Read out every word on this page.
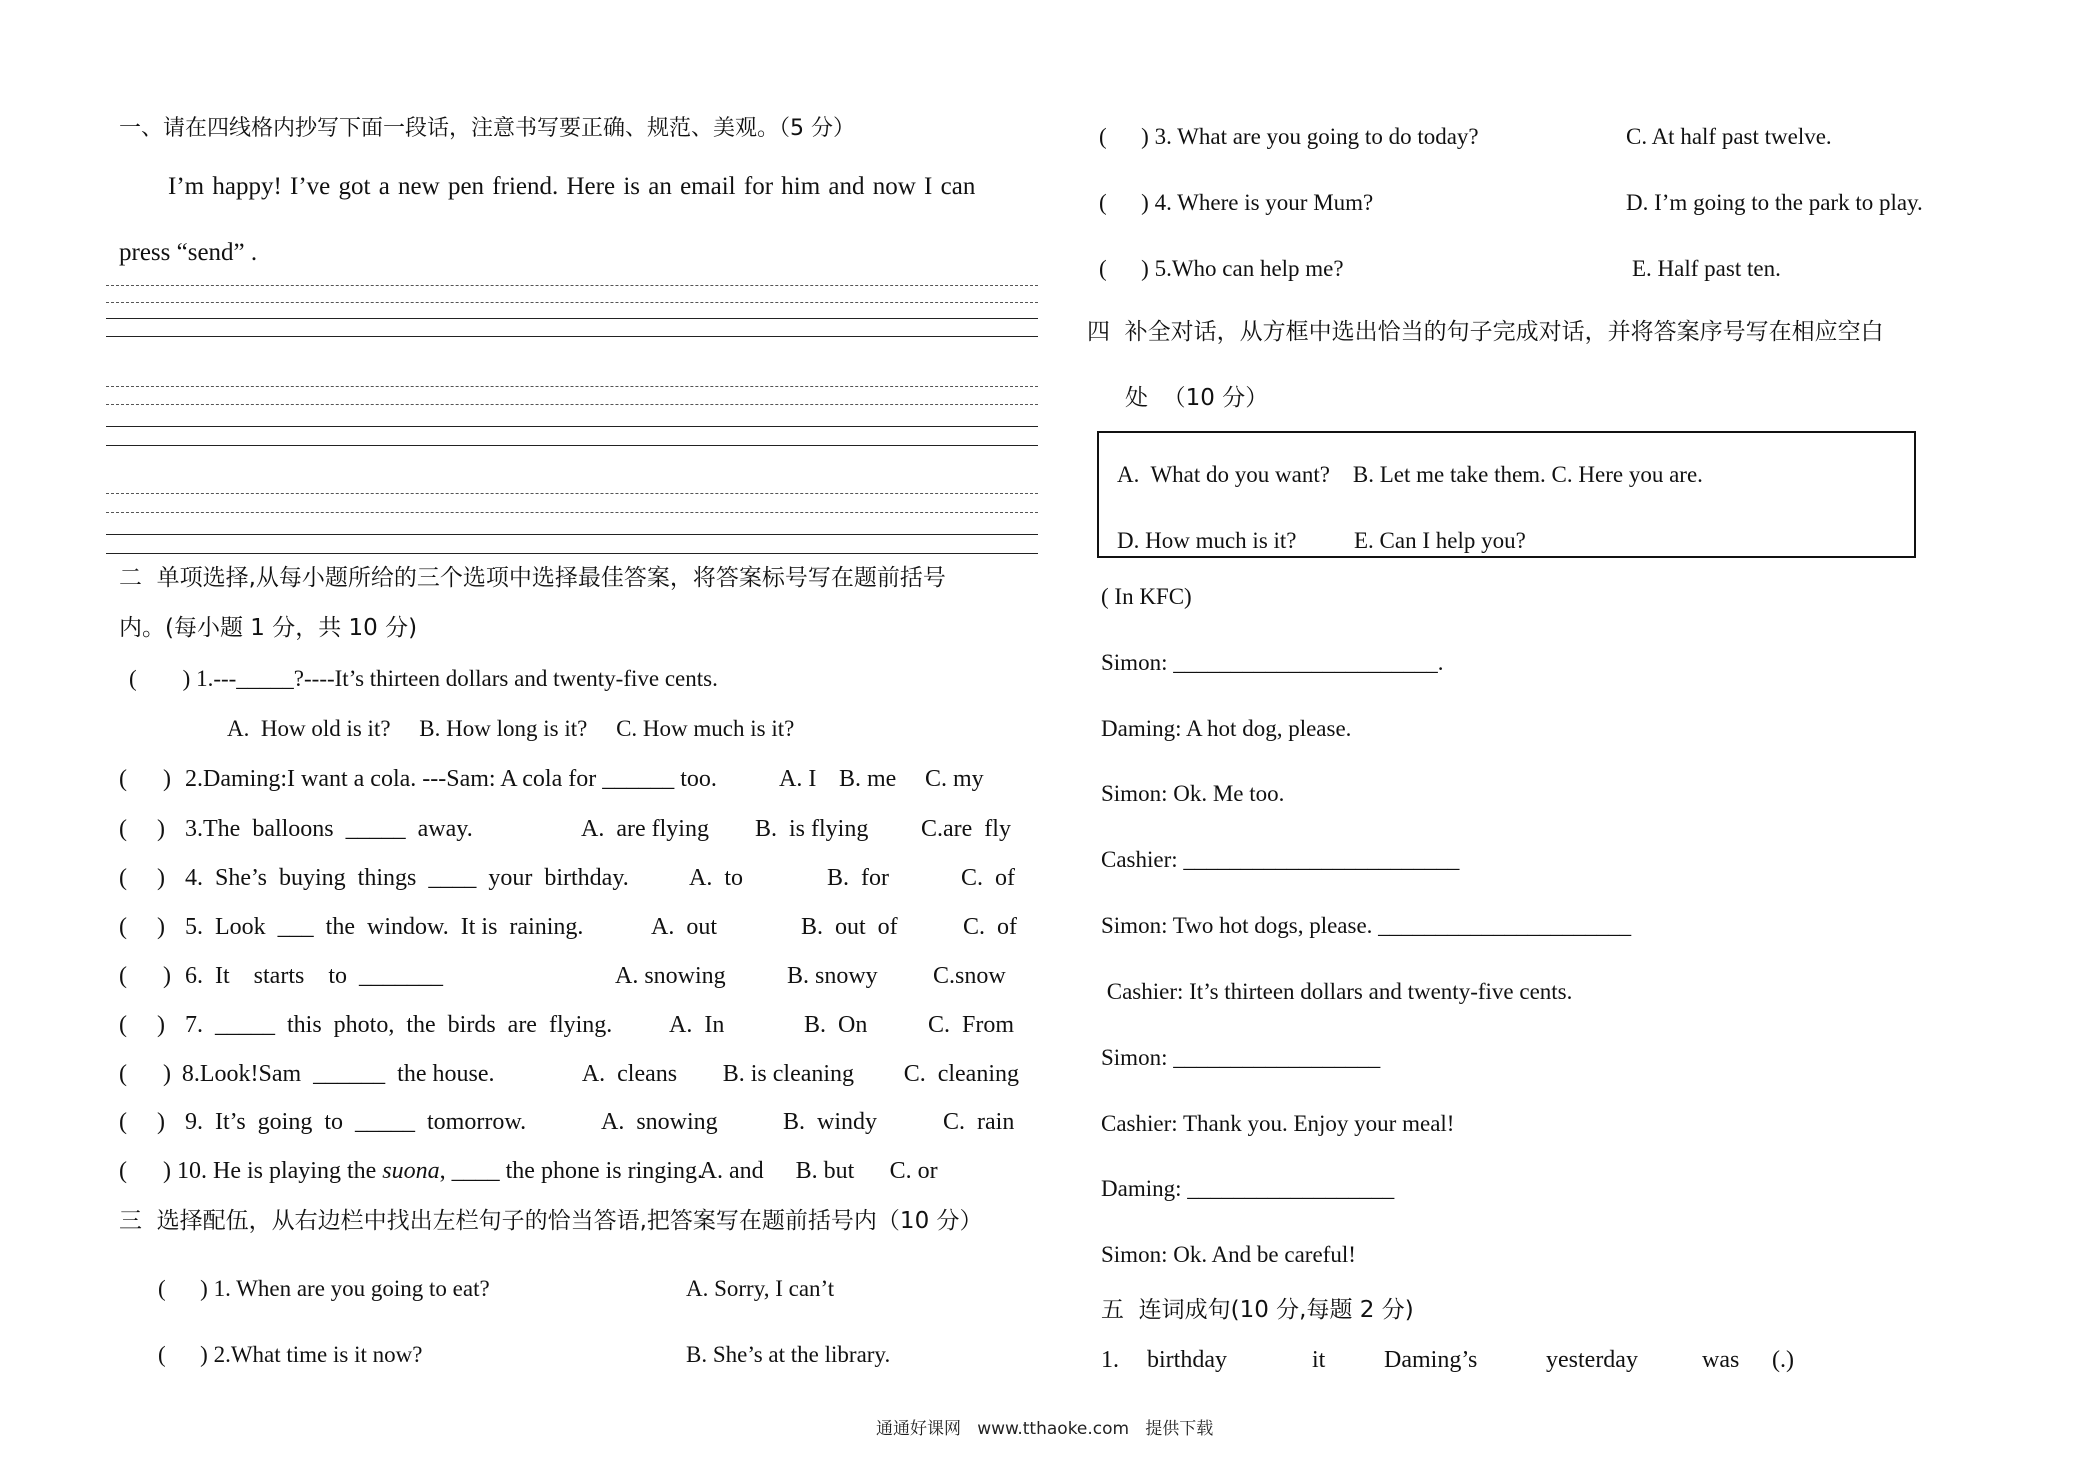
一、请在四线格内抄写下面一段话，注意书写要正确、规范、美观。（5 分）
I’m happy! I’ve got a new pen friend. Here is an email for him and now I can
press “send” .
二  单项选择,从每小题所给的三个选项中选择最佳答案，将答案标号写在题前括号
内。(每小题 1 分，共 10 分)
(        ) 1.---_____?----It’s thirteen dollars and twenty-five cents.
A.  How old is it?     B. How long is it?     C. How much is it?
(      ) 2.Daming:I want a cola. ---Sam: A cola for ______ too.	A. I B. me	C. my
(     ) 3.The  balloons  _____  away.	A.  are flying	B.  is flying	C.are  fly
(     ) 4.  She’s  buying  things  ____  your  birthday.	A.  to	B.  for	C.  of
(     ) 5.  Look  ___  the  window.  It is  raining.	A.  out	B.  out  of	C.  of
(      ) 6.  It    starts    to  _______	A. snowing	B. snowy	C.snow
(     ) 7.  _____  this  photo,  the  birds  are  flying.	A.  In	B.  On	C.  From
(      ) 8.Look!Sam  ______  the house.	A.  cleans	B. is cleaning	C.  cleaning
(     ) 9.  It’s  going  to  _____  tomorrow.	A.  snowing	B.  windy	C.  rain
(      ) 10. He is playing the suona , ____ the phone is ringing.
A. and	B. but	C. or
三  选择配伍，从右边栏中找出左栏句子的恰当答语,把答案写在题前括号内（10 分）
(      ) 1. When are you going to eat?	A. Sorry, I can’t
(      ) 2.What time is it now?	B. She’s at the library.
(      ) 3. What are you going to do today?	C. At half past twelve.
(      ) 4. Where is your Mum?	D. I’m going to the park to play.
(      ) 5.Who can help me?	E. Half past ten.
四  补全对话，从方框中选出恰当的句子完成对话，并将答案序号写在相应空白
处  （10 分）
A.  What do you want?    B. Let me take them. C. Here you are.
D. How much is it?          E. Can I help you?
( In KFC)
Simon: _______________________.
Daming: A hot dog, please.
Simon: Ok. Me too.
Cashier: ________________________
Simon: Two hot dogs, please. ______________________
Cashier: It’s thirteen dollars and twenty-five cents.
Simon: __________________
Cashier: Thank you. Enjoy your meal!
Daming: __________________
Simon: Ok. And be careful!
五  连词成句(10 分,每题 2 分)
1.	birthday	it	Daming’s	yesterday	was	(.)
通通好课网   www.tthaoke.com   提供下载
